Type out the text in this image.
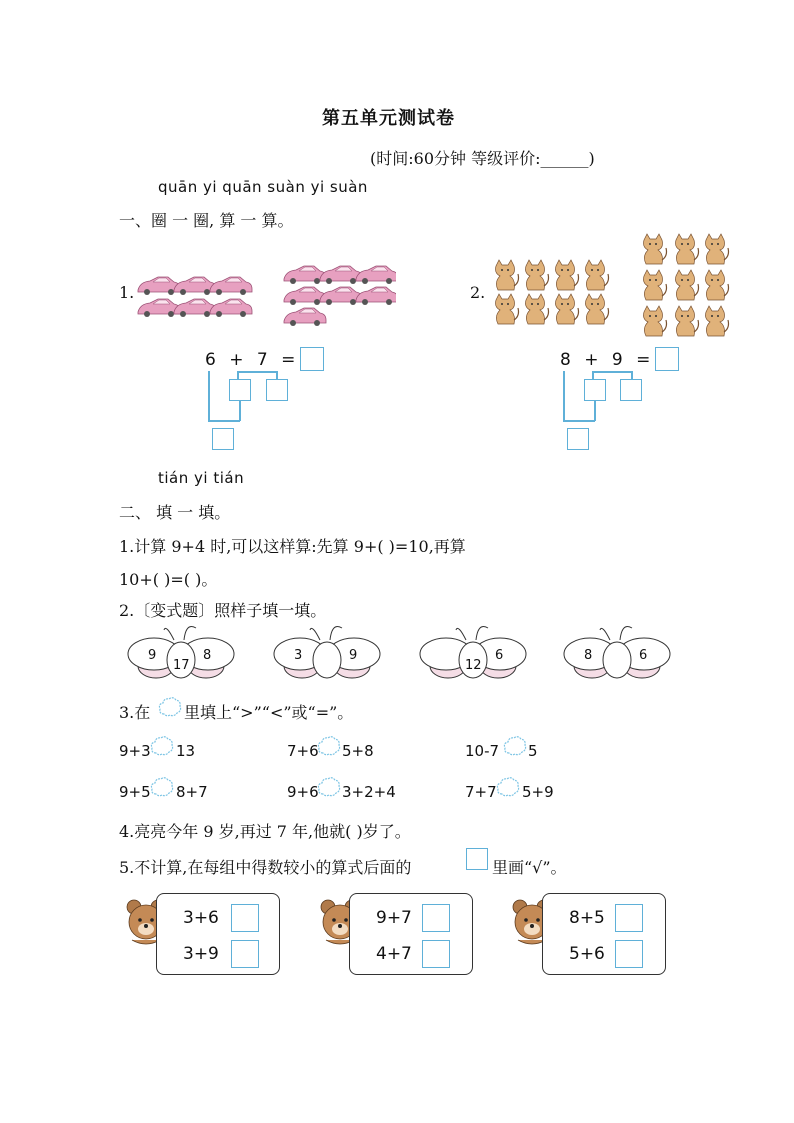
第五单元测试卷
(时间:60分钟 等级评价:______)
quān yi quān suàn yi suàn
一、圈 一 圈, 算 一 算。
1.
6 + 7 =
2.
8 + 9 =
tián yi tián
二、 填 一 填。
1.计算 9+4 时,可以这样算:先算 9+( )=10,再算
10+( )=( )。
2.〔变式题〕照样子填一填。
9
17
8	3	9
12
6	8	6
3.在 里填上“>”“<”或“=”。
9+3 13	7+6 5+8	10-7 5
9+5 8+7	9+6 3+2+4	7+7 5+9
4.亮亮今年 9 岁,再过 7 年,他就( )岁了。
5.不计算,在每组中得数较小的算式后面的	里画“√”。
3+6
3+9
9+7
4+7
8+5
5+6
